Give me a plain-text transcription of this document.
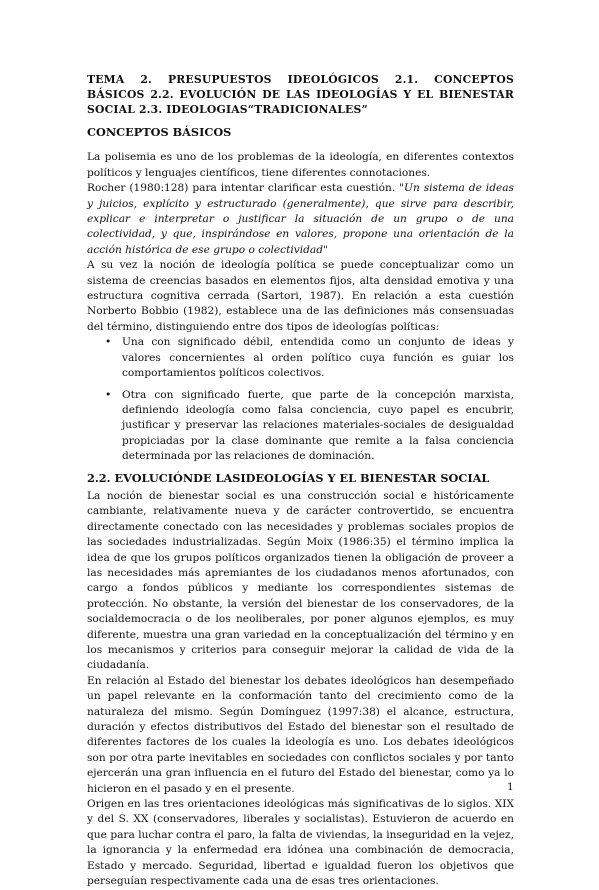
TEMA 2. PRESUPUESTOS IDEOLÓGICOS 2.1. CONCEPTOS BÁSICOS 2.2. EVOLUCIÓN DE LAS IDEOLOGÍAS Y EL BIENESTAR SOCIAL 2.3. IDEOLOGIAS“TRADICIONALES”

CONCEPTOS BÁSICOS

La polisemia es uno de los problemas de la ideología, en diferentes contextos políticos y lenguajes científicos, tiene diferentes connotaciones.

Rocher (1980:128) para intentar clarificar esta cuestión. "Un sistema de ideas y juicios, explícito y estructurado (generalmente), que sirve para describir, explicar e interpretar o justificar la situación de un grupo o de una colectividad, y que, inspirándose en valores, propone una orientación de la acción histórica de ese grupo o colectividad"

A su vez la noción de ideología política se puede conceptualizar como un sistema de creencias basados en elementos fijos, alta densidad emotiva y una estructura cognitiva cerrada (Sartori, 1987). En relación a esta cuestión Norberto Bobbio (1982), establece una de las definiciones más consensuadas del término, distinguiendo entre dos tipos de ideologías políticas:

• Una con significado débil, entendida como un conjunto de ideas y valores concernientes al orden político cuya función es guiar los comportamientos políticos colectivos.
• Otra con significado fuerte, que parte de la concepción marxista, definiendo ideología como falsa conciencia, cuyo papel es encubrir, justificar y preservar las relaciones materiales-sociales de desigualdad propiciadas por la clase dominante que remite a la falsa conciencia determinada por las relaciones de dominación.

2.2. EVOLUCIÓNDE LASIDEOLOGÍAS Y EL BIENESTAR SOCIAL

La noción de bienestar social es una construcción social e históricamente cambiante, relativamente nueva y de carácter controvertido, se encuentra directamente conectado con las necesidades y problemas sociales propios de las sociedades industrializadas. Según Moix (1986:35) el término implica la idea de que los grupos políticos organizados tienen la obligación de proveer a las necesidades más apremiantes de los ciudadanos menos afortunados, con cargo a fondos públicos y mediante los correspondientes sistemas de protección. No obstante, la versión del bienestar de los conservadores, de la socialdemocracia o de los neoliberales, por poner algunos ejemplos, es muy diferente, muestra una gran variedad en la conceptualización del término y en los mecanismos y criterios para conseguir mejorar la calidad de vida de la ciudadanía.

En relación al Estado del bienestar los debates ideológicos han desempeñado un papel relevante en la conformación tanto del crecimiento como de la naturaleza del mismo. Según Domínguez (1997:38) el alcance, estructura, duración y efectos distributivos del Estado del bienestar son el resultado de diferentes factores de los cuales la ideología es uno. Los debates ideológicos son por otra parte inevitables en sociedades con conflictos sociales y por tanto ejercerán una gran influencia en el futuro del Estado del bienestar, como ya lo hicieron en el pasado y en el presente.

Origen en las tres orientaciones ideológicas más significativas de lo siglos. XIX y del S. XX (conservadores, liberales y socialistas). Estuvieron de acuerdo en que para luchar contra el paro, la falta de viviendas, la inseguridad en la vejez, la ignorancia y la enfermedad era idónea una combinación de democracia, Estado y mercado. Seguridad, libertad e igualdad fueron los objetivos que perseguían respectivamente cada una de esas tres orientaciones.

1
